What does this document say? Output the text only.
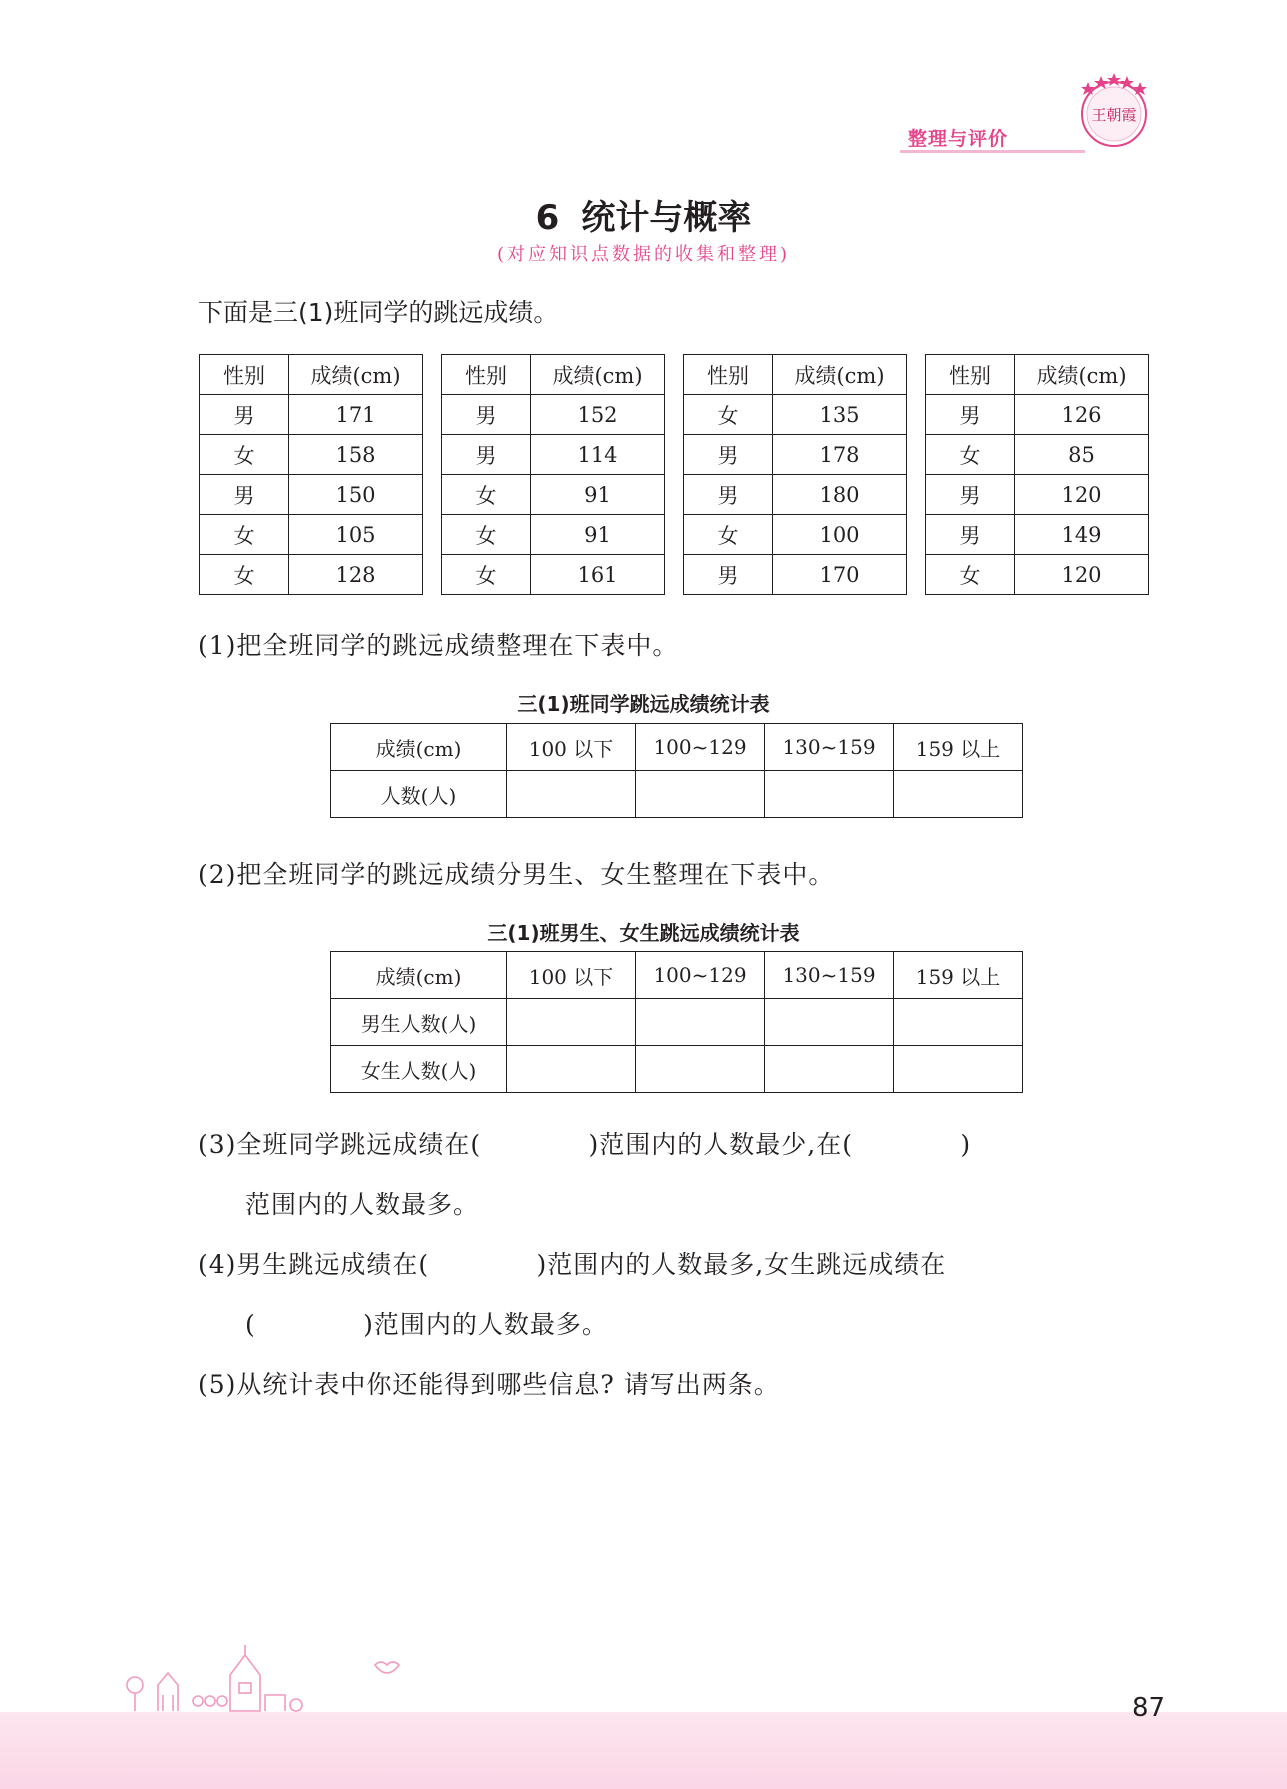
整理与评价
王朝霞
6 统计与概率
(对应知识点数据的收集和整理)
下面是三(1)班同学的跳远成绩。
性别	成绩(cm)
男	171
女	158
男	150
女	105
女	128
性别	成绩(cm)
男	152
男	114
女	91
女	91
女	161
性别	成绩(cm)
女	135
男	178
男	180
女	100
男	170
性别	成绩(cm)
男	126
女	85
男	120
男	149
女	120
(1)把全班同学的跳远成绩整理在下表中。
三(1)班同学跳远成绩统计表
成绩(cm)	100 以下	100~129	130~159	159 以上
人数(人)				
(2)把全班同学的跳远成绩分男生、女生整理在下表中。
三(1)班男生、女生跳远成绩统计表
成绩(cm)	100 以下	100~129	130~159	159 以上
男生人数(人)				
女生人数(人)				
(3)全班同学跳远成绩在(            )范围内的人数最少,在(            )
范围内的人数最多。
(4)男生跳远成绩在(            )范围内的人数最多,女生跳远成绩在
(            )范围内的人数最多。
(5)从统计表中你还能得到哪些信息? 请写出两条。
87
